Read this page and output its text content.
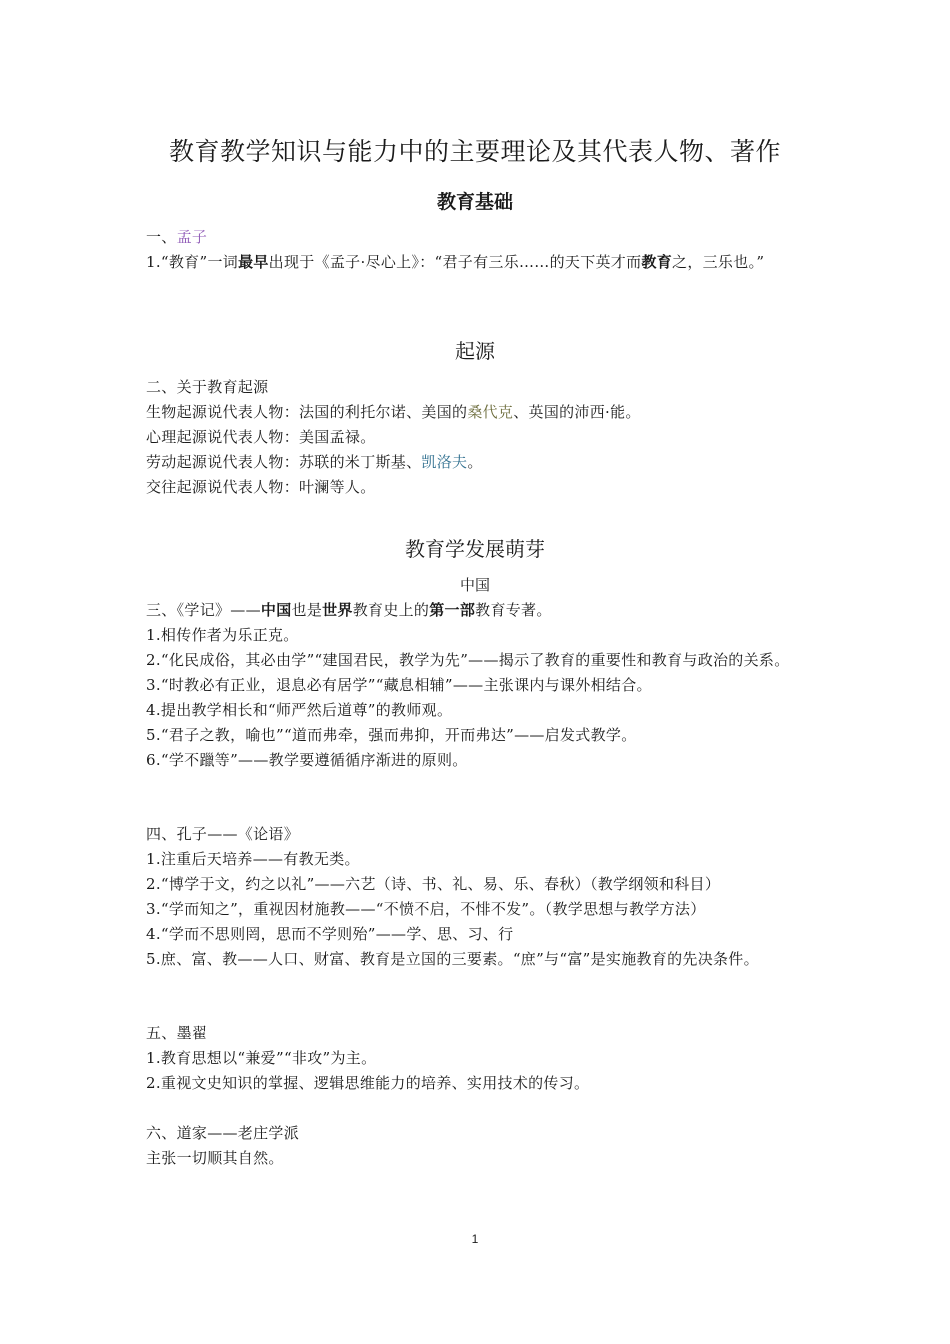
教育教学知识与能力中的主要理论及其代表人物、著作
教育基础

一、孟子

1.“教育”一词最早出现于《孟子·尽心上》：“君子有三乐……的天下英才而教育之，三乐也。”

起源

二、关于教育起源

生物起源说代表人物：法国的利托尔诺、美国的桑代克、英国的沛西·能。

心理起源说代表人物：美国孟禄。

劳动起源说代表人物：苏联的米丁斯基、凯洛夫。

交往起源说代表人物：叶澜等人。

教育学发展萌芽
中国

三、《学记》——中国也是世界教育史上的第一部教育专著。

1.相传作者为乐正克。

2.“化民成俗，其必由学”“建国君民，教学为先”——揭示了教育的重要性和教育与政治的关系。

3.“时教必有正业，退息必有居学”“藏息相辅”——主张课内与课外相结合。

4.提出教学相长和“师严然后道尊”的教师观。

5.“君子之教，喻也”“道而弗牵，强而弗抑，开而弗达”——启发式教学。

6.“学不躐等”——教学要遵循循序渐进的原则。

四、孔子——《论语》

1.注重后天培养——有教无类。

2.“博学于文，约之以礼”——六艺（诗、书、礼、易、乐、春秋）（教学纲领和科目）

3.“学而知之”，重视因材施教——“不愤不启，不悱不发”。（教学思想与教学方法）

4.“学而不思则罔，思而不学则殆”——学、思、习、行

5.庶、富、教——人口、财富、教育是立国的三要素。“庶”与“富”是实施教育的先决条件。

五、墨翟

1.教育思想以“兼爱”“非攻”为主。

2.重视文史知识的掌握、逻辑思维能力的培养、实用技术的传习。

六、道家——老庄学派

主张一切顺其自然。

1
